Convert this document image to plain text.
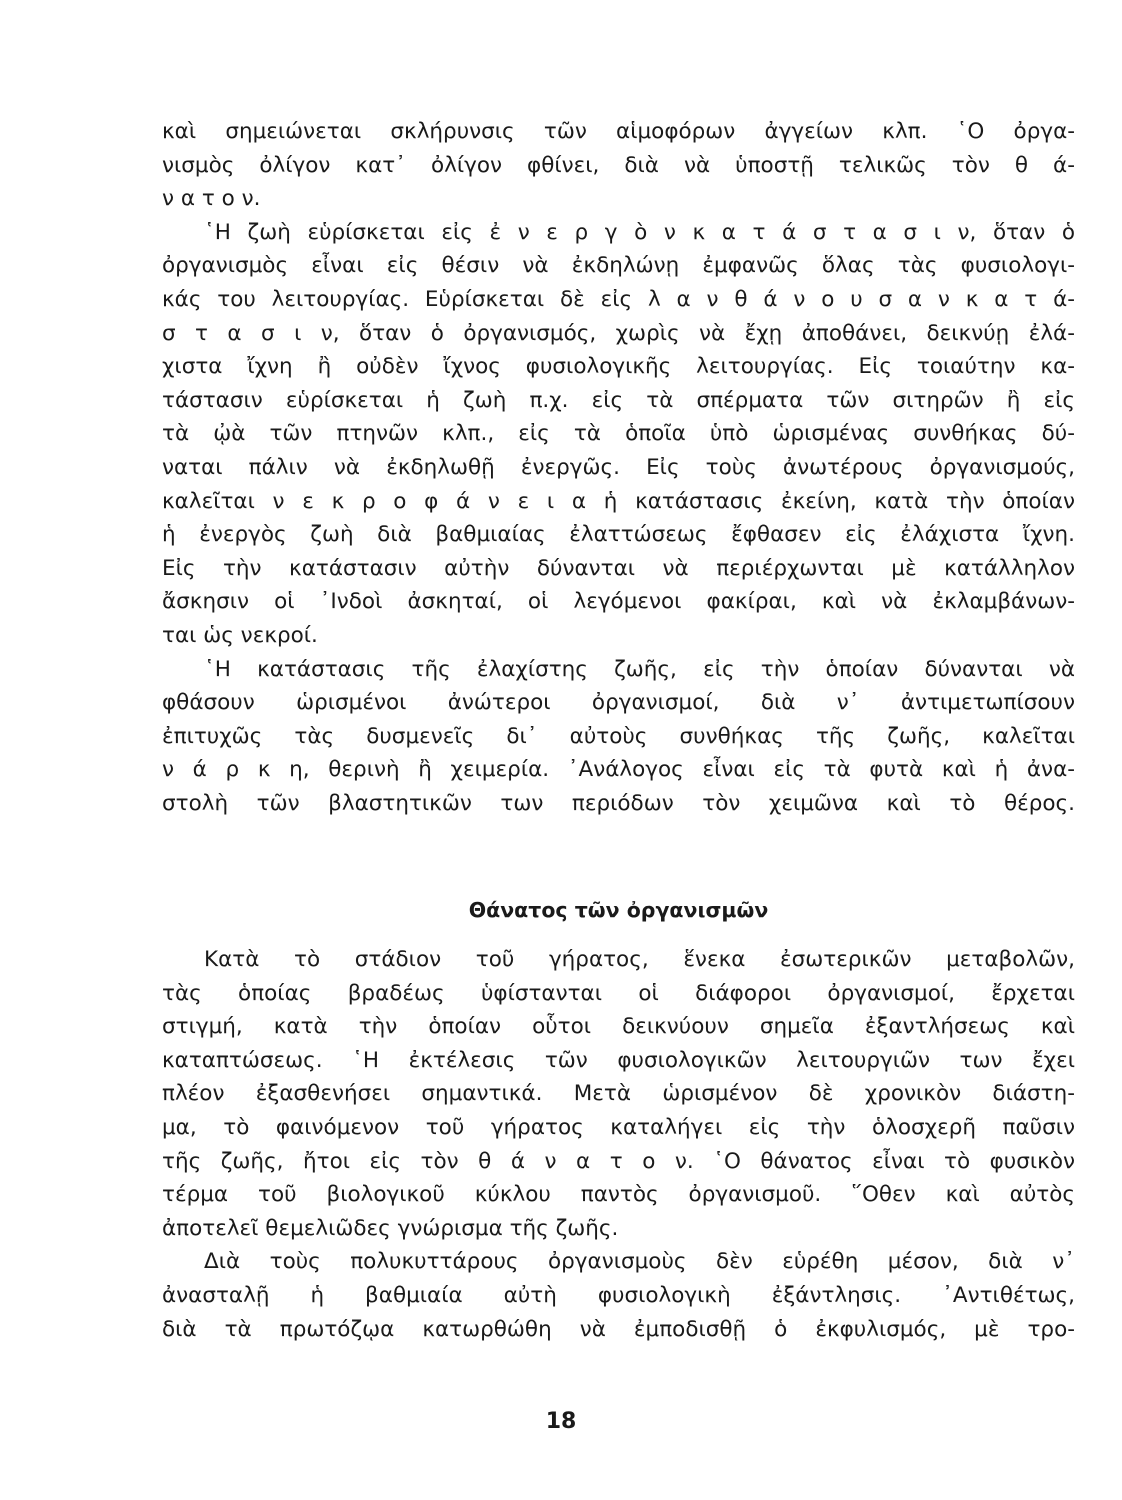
καὶ σημειώνεται σκλήρυνσις τῶν αἱμοφόρων ἀγγείων κλπ. ῾Ο ὀργα-
νισμὸς ὀλίγον κατ᾽ ὀλίγον φθίνει, διὰ νὰ ὑποστῇ τελικῶς τὸν θ ά-
ν α τ ο ν.
῾Η ζωὴ εὑρίσκεται εἰς ἐ ν ε ρ γ ὸ ν κ α τ ά σ τ α σ ι ν, ὅταν ὁ
ὀργανισμὸς εἶναι εἰς θέσιν νὰ ἐκδηλώνῃ ἐμφανῶς ὅλας τὰς φυσιολογι-
κάς του λειτουργίας. Εὑρίσκεται δὲ εἰς λ α ν θ ά ν ο υ σ α ν κ α τ ά-
σ τ α σ ι ν, ὅταν ὁ ὀργανισμός, χωρὶς νὰ ἔχῃ ἀποθάνει, δεικνύῃ ἐλά-
χιστα ἴχνη ἢ οὐδὲν ἴχνος φυσιολογικῆς λειτουργίας. Εἰς τοιαύτην κα-
τάστασιν εὑρίσκεται ἡ ζωὴ π.χ. εἰς τὰ σπέρματα τῶν σιτηρῶν ἢ εἰς
τὰ ᾠὰ τῶν πτηνῶν κλπ., εἰς τὰ ὁποῖα ὑπὸ ὡρισμένας συνθήκας δύ-
ναται πάλιν νὰ ἐκδηλωθῇ ἐνεργῶς. Εἰς τοὺς ἀνωτέρους ὀργανισμούς,
καλεῖται ν ε κ ρ ο φ ά ν ε ι α ἡ κατάστασις ἐκείνη, κατὰ τὴν ὁποίαν
ἡ ἐνεργὸς ζωὴ διὰ βαθμιαίας ἐλαττώσεως ἔφθασεν εἰς ἐλάχιστα ἴχνη.
Εἰς τὴν κατάστασιν αὐτὴν δύνανται νὰ περιέρχωνται μὲ κατάλληλον
ἄσκησιν οἱ ᾽Ινδοὶ ἀσκηταί, οἱ λεγόμενοι φακίραι, καὶ νὰ ἐκλαμβάνων-
ται ὡς νεκροί.
῾Η κατάστασις τῆς ἐλαχίστης ζωῆς, εἰς τὴν ὁποίαν δύνανται νὰ
φθάσουν ὡρισμένοι ἀνώτεροι ὀργανισμοί, διὰ ν᾽ ἀντιμετωπίσουν
ἐπιτυχῶς τὰς δυσμενεῖς δι᾽ αὐτοὺς συνθήκας τῆς ζωῆς, καλεῖται
ν ά ρ κ η, θερινὴ ἢ χειμερία. ᾽Ανάλογος εἶναι εἰς τὰ φυτὰ καὶ ἡ ἀνα-
στολὴ τῶν βλαστητικῶν των περιόδων τὸν χειμῶνα καὶ τὸ θέρος.
Θάνατος τῶν ὀργανισμῶν
Κατὰ τὸ στάδιον τοῦ γήρατος, ἕνεκα ἐσωτερικῶν μεταβολῶν,
τὰς ὁποίας βραδέως ὑφίστανται οἱ διάφοροι ὀργανισμοί, ἔρχεται
στιγμή, κατὰ τὴν ὁποίαν οὗτοι δεικνύουν σημεῖα ἐξαντλήσεως καὶ
καταπτώσεως. ῾Η ἐκτέλεσις τῶν φυσιολογικῶν λειτουργιῶν των ἔχει
πλέον ἐξασθενήσει σημαντικά. Μετὰ ὡρισμένον δὲ χρονικὸν διάστη-
μα, τὸ φαινόμενον τοῦ γήρατος καταλήγει εἰς τὴν ὁλοσχερῆ παῦσιν
τῆς ζωῆς, ἤτοι εἰς τὸν θ ά ν α τ ο ν. ῾Ο θάνατος εἶναι τὸ φυσικὸν
τέρμα τοῦ βιολογικοῦ κύκλου παντὸς ὀργανισμοῦ. ῞Οθεν καὶ αὐτὸς
ἀποτελεῖ θεμελιῶδες γνώρισμα τῆς ζωῆς.
Διὰ τοὺς πολυκυττάρους ὀργανισμοὺς δὲν εὑρέθη μέσον, διὰ ν᾽
ἀνασταλῇ ἡ βαθμιαία αὐτὴ φυσιολογικὴ ἐξάντλησις. ᾽Αντιθέτως,
διὰ τὰ πρωτόζῳα κατωρθώθη νὰ ἐμποδισθῇ ὁ ἐκφυλισμός, μὲ τρο-
18
